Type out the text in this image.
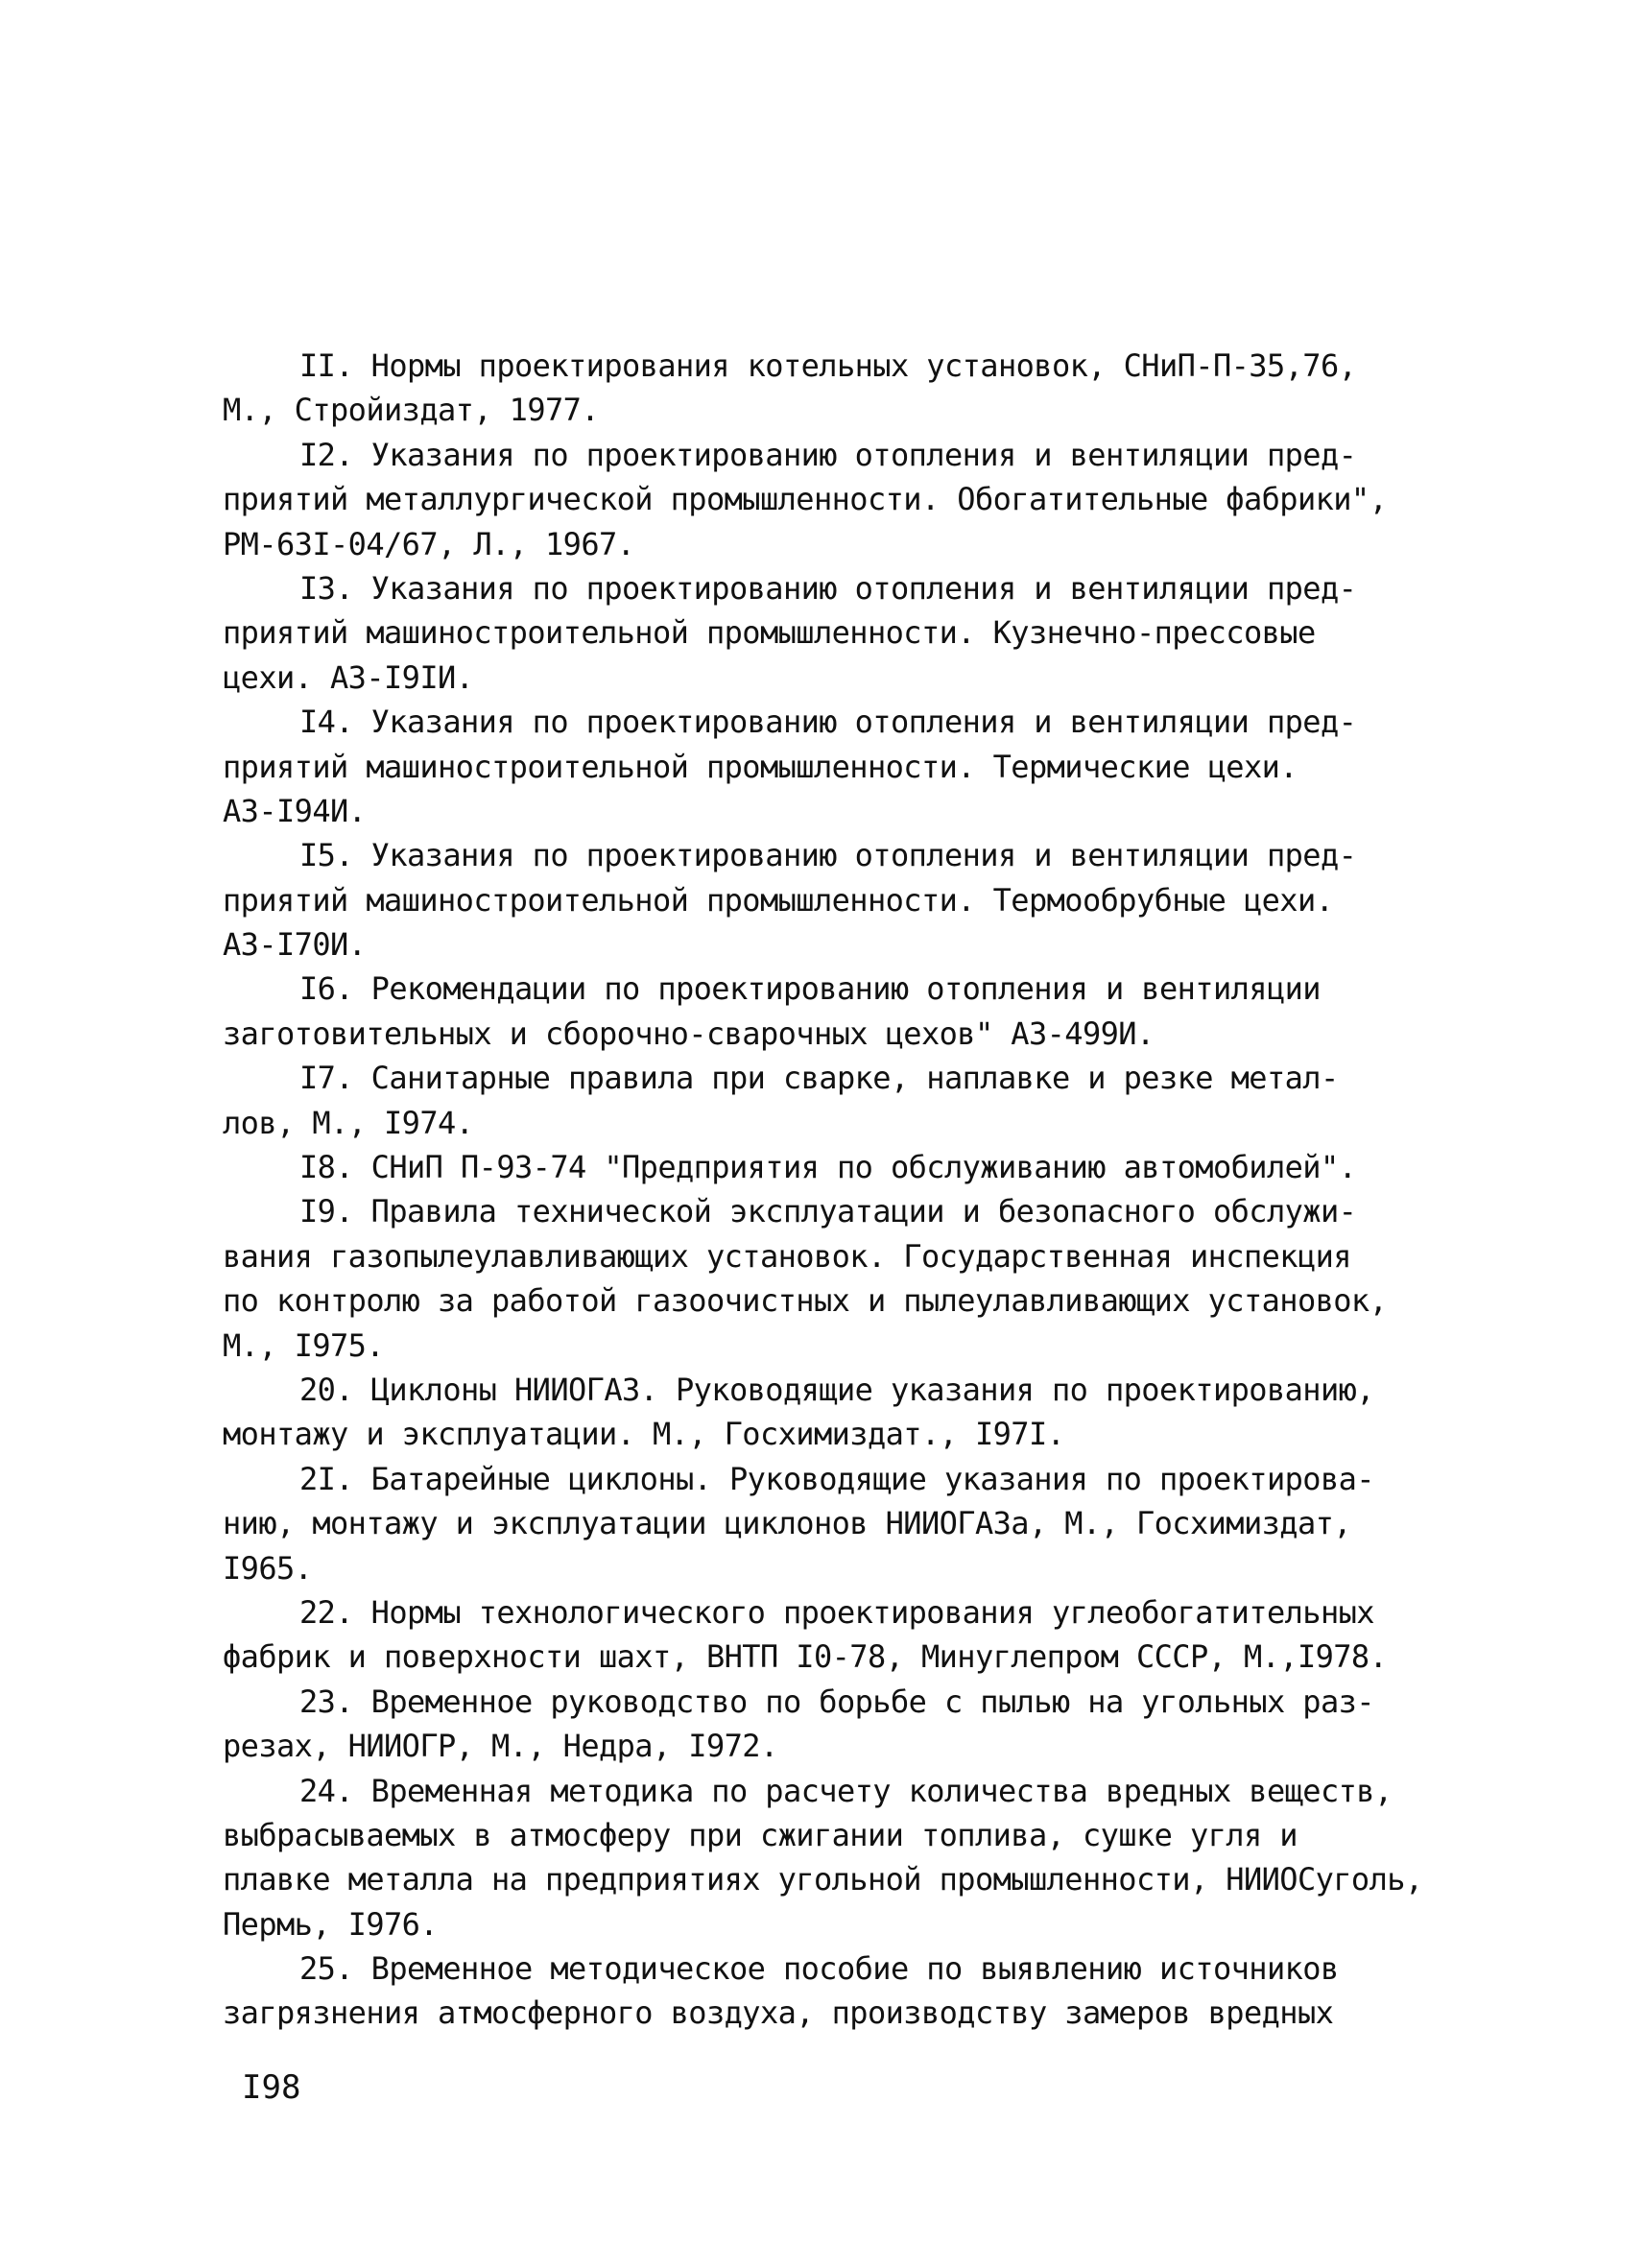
II. Нормы проектирования котельных установок, СНиП-П-35,76,
М., Стройиздат, 1977.
I2. Указания по проектированию отопления и вентиляции пред-
приятий металлургической промышленности. Обогатительные фабрики",
РМ-63I-04/67, Л., 1967.
I3. Указания по проектированию отопления и вентиляции пред-
приятий машиностроительной промышленности. Кузнечно-прессовые
цехи. АЗ-I9IИ.
I4. Указания по проектированию отопления и вентиляции пред-
приятий машиностроительной промышленности. Термические цехи.
АЗ-I94И.
I5. Указания по проектированию отопления и вентиляции пред-
приятий машиностроительной промышленности. Термообрубные цехи.
АЗ-I70И.
I6. Рекомендации по проектированию отопления и вентиляции
заготовительных и сборочно-сварочных цехов" АЗ-499И.
I7. Санитарные правила при сварке, наплавке и резке метал-
лов, М., I974.
I8. СНиП П-93-74 "Предприятия по обслуживанию автомобилей".
I9. Правила технической эксплуатации и безопасного обслужи-
вания газопылеулавливающих установок. Государственная инспекция
по контролю за работой газоочистных и пылеулавливающих установок,
М., I975.
20. Циклоны НИИОГАЗ. Руководящие указания по проектированию,
монтажу и эксплуатации. М., Госхимиздат., I97I.
2I. Батарейные циклоны. Руководящие указания по проектирова-
нию, монтажу и эксплуатации циклонов НИИОГАЗа, М., Госхимиздат,
I965.
22. Нормы технологического проектирования углеобогатительных
фабрик и поверхности шахт, ВНТП I0-78, Минуглепром СССР, М.,I978.
23. Временное руководство по борьбе с пылью на угольных раз-
резах, НИИОГР, М., Недра, I972.
24. Временная методика по расчету количества вредных веществ,
выбрасываемых в атмосферу при сжигании топлива, сушке угля и
плавке металла на предприятиях угольной промышленности, НИИОСуголь,
Пермь, I976.
25. Временное методическое пособие по выявлению источников
загрязнения атмосферного воздуха, производству замеров вредных
I98
